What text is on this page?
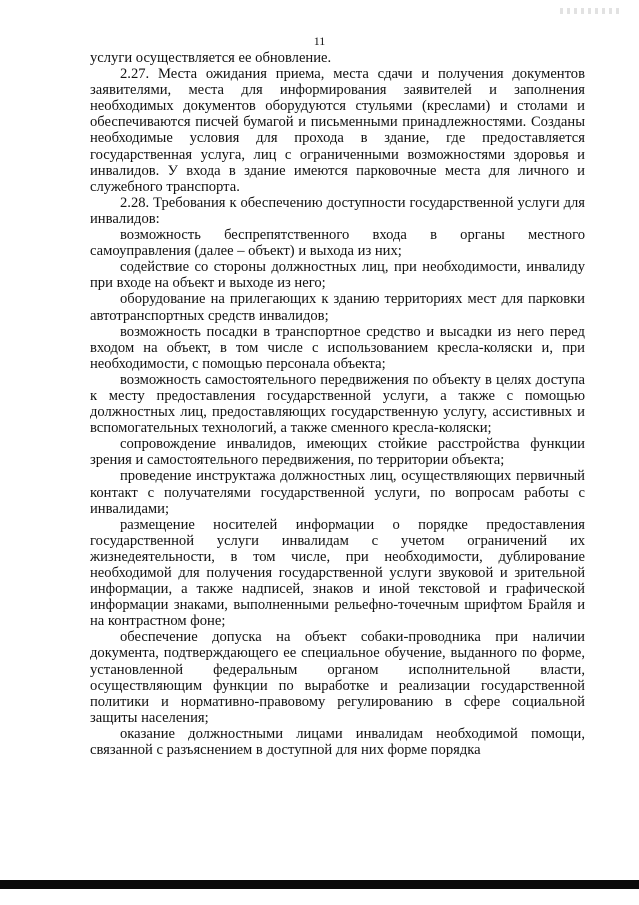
11

услуги осуществляется ее обновление.

2.27. Места ожидания приема, места сдачи и получения документов заявителями, места для информирования заявителей и заполнения необходимых документов оборудуются стульями (креслами) и столами и обеспечиваются писчей бумагой и письменными принадлежностями. Созданы необходимые условия для прохода в здание, где предоставляется государственная услуга, лиц с ограниченными возможностями здоровья и инвалидов. У входа в здание имеются парковочные места для личного и служебного транспорта.

2.28. Требования к обеспечению доступности государственной услуги для инвалидов:

возможность беспрепятственного входа в органы местного самоуправления (далее – объект) и выхода из них;

содействие со стороны должностных лиц, при необходимости, инвалиду при входе на объект и выходе из него;

оборудование на прилегающих к зданию территориях мест для парковки автотранспортных средств инвалидов;

возможность посадки в транспортное средство и высадки из него перед входом на объект, в том числе с использованием кресла-коляски и, при необходимости, с помощью персонала объекта;

возможность самостоятельного передвижения по объекту в целях доступа к месту предоставления государственной услуги, а также с помощью должностных лиц, предоставляющих государственную услугу, ассистивных и вспомогательных технологий, а также сменного кресла-коляски;

сопровождение инвалидов, имеющих стойкие расстройства функции зрения и самостоятельного передвижения, по территории объекта;

проведение инструктажа должностных лиц, осуществляющих первичный контакт с получателями государственной услуги, по вопросам работы с инвалидами;

размещение носителей информации о порядке предоставления государственной услуги инвалидам с учетом ограничений их жизнедеятельности, в том числе, при необходимости, дублирование необходимой для получения государственной услуги звуковой и зрительной информации, а также надписей, знаков и иной текстовой и графической информации знаками, выполненными рельефно-точечным шрифтом Брайля и на контрастном фоне;

обеспечение допуска на объект собаки-проводника при наличии документа, подтверждающего ее специальное обучение, выданного по форме, установленной федеральным органом исполнительной власти, осуществляющим функции по выработке и реализации государственной политики и нормативно-правовому регулированию в сфере социальной защиты населения;

оказание должностными лицами инвалидам необходимой помощи, связанной с разъяснением в доступной для них форме порядка
